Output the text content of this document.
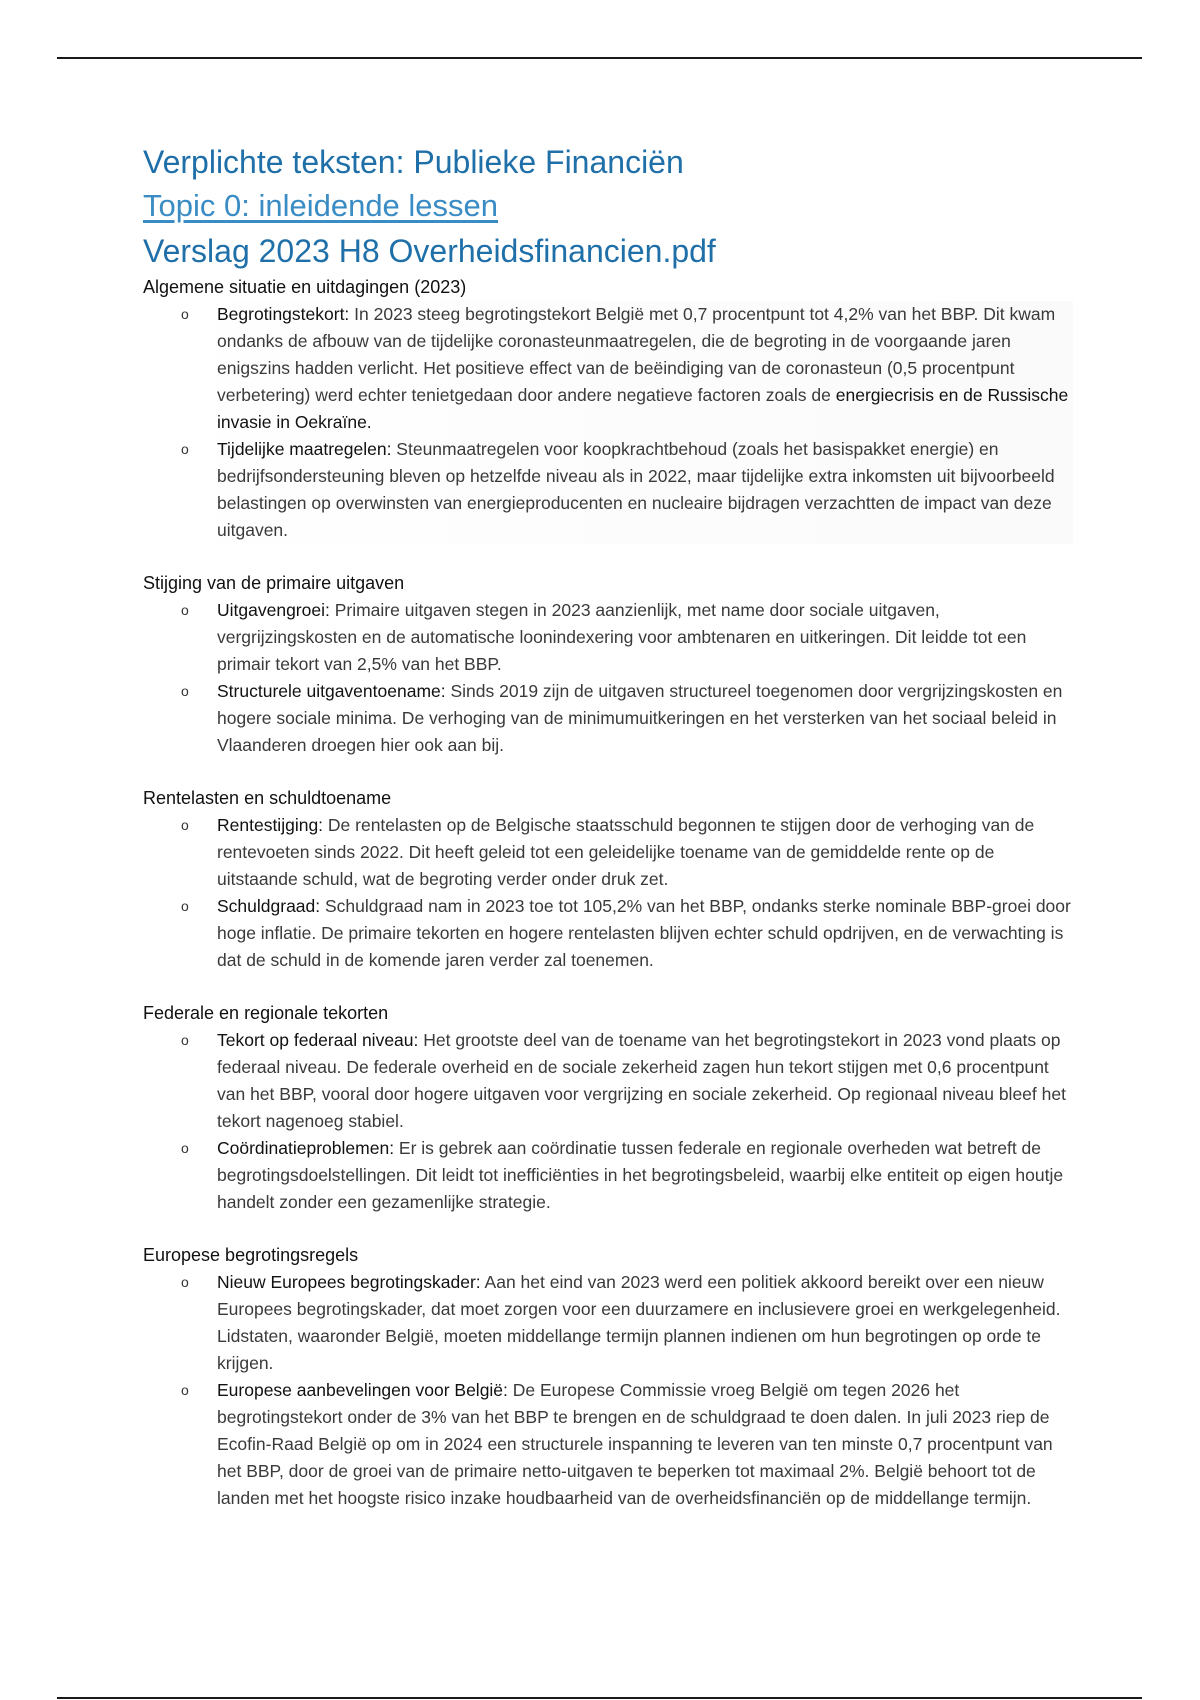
Verplichte teksten: Publieke Financiën
Topic 0: inleidende lessen
Verslag 2023 H8 Overheidsfinancien.pdf

Algemene situatie en uitdagingen (2023)

o Begrotingstekort: In 2023 steeg begrotingstekort België met 0,7 procentpunt tot 4,2% van het BBP. Dit kwam ondanks de afbouw van de tijdelijke coronasteunmaatregelen, die de begroting in de voorgaande jaren enigszins hadden verlicht. Het positieve effect van de beëindiging van de coronasteun (0,5 procentpunt verbetering) werd echter tenietgedaan door andere negatieve factoren zoals de energiecrisis en de Russische invasie in Oekraïne.
o Tijdelijke maatregelen: Steunmaatregelen voor koopkrachtbehoud (zoals het basispakket energie) en bedrijfsondersteuning bleven op hetzelfde niveau als in 2022, maar tijdelijke extra inkomsten uit bijvoorbeeld belastingen op overwinsten van energieproducenten en nucleaire bijdragen verzachtten de impact van deze uitgaven.

Stijging van de primaire uitgaven

o Uitgavengroei: Primaire uitgaven stegen in 2023 aanzienlijk, met name door sociale uitgaven, vergrijzingskosten en de automatische loonindexering voor ambtenaren en uitkeringen. Dit leidde tot een primair tekort van 2,5% van het BBP.
o Structurele uitgaventoename: Sinds 2019 zijn de uitgaven structureel toegenomen door vergrijzingskosten en hogere sociale minima. De verhoging van de minimumuitkeringen en het versterken van het sociaal beleid in Vlaanderen droegen hier ook aan bij.

Rentelasten en schuldtoename

o Rentestijging: De rentelasten op de Belgische staatsschuld begonnen te stijgen door de verhoging van de rentevoeten sinds 2022. Dit heeft geleid tot een geleidelijke toename van de gemiddelde rente op de uitstaande schuld, wat de begroting verder onder druk zet.
o Schuldgraad: Schuldgraad nam in 2023 toe tot 105,2% van het BBP, ondanks sterke nominale BBP-groei door hoge inflatie. De primaire tekorten en hogere rentelasten blijven echter schuld opdrijven, en de verwachting is dat de schuld in de komende jaren verder zal toenemen.

Federale en regionale tekorten

o Tekort op federaal niveau: Het grootste deel van de toename van het begrotingstekort in 2023 vond plaats op federaal niveau. De federale overheid en de sociale zekerheid zagen hun tekort stijgen met 0,6 procentpunt van het BBP, vooral door hogere uitgaven voor vergrijzing en sociale zekerheid. Op regionaal niveau bleef het tekort nagenoeg stabiel.
o Coördinatieproblemen: Er is gebrek aan coördinatie tussen federale en regionale overheden wat betreft de begrotingsdoelstellingen. Dit leidt tot inefficiënties in het begrotingsbeleid, waarbij elke entiteit op eigen houtje handelt zonder een gezamenlijke strategie.

Europese begrotingsregels

o Nieuw Europees begrotingskader: Aan het eind van 2023 werd een politiek akkoord bereikt over een nieuw Europees begrotingskader, dat moet zorgen voor een duurzamere en inclusievere groei en werkgelegenheid. Lidstaten, waaronder België, moeten middellange termijn plannen indienen om hun begrotingen op orde te krijgen.
o Europese aanbevelingen voor België: De Europese Commissie vroeg België om tegen 2026 het begrotingstekort onder de 3% van het BBP te brengen en de schuldgraad te doen dalen. In juli 2023 riep de Ecofin-Raad België op om in 2024 een structurele inspanning te leveren van ten minste 0,7 procentpunt van het BBP, door de groei van de primaire netto-uitgaven te beperken tot maximaal 2%. België behoort tot de landen met het hoogste risico inzake houdbaarheid van de overheidsfinanciën op de middellange termijn.
